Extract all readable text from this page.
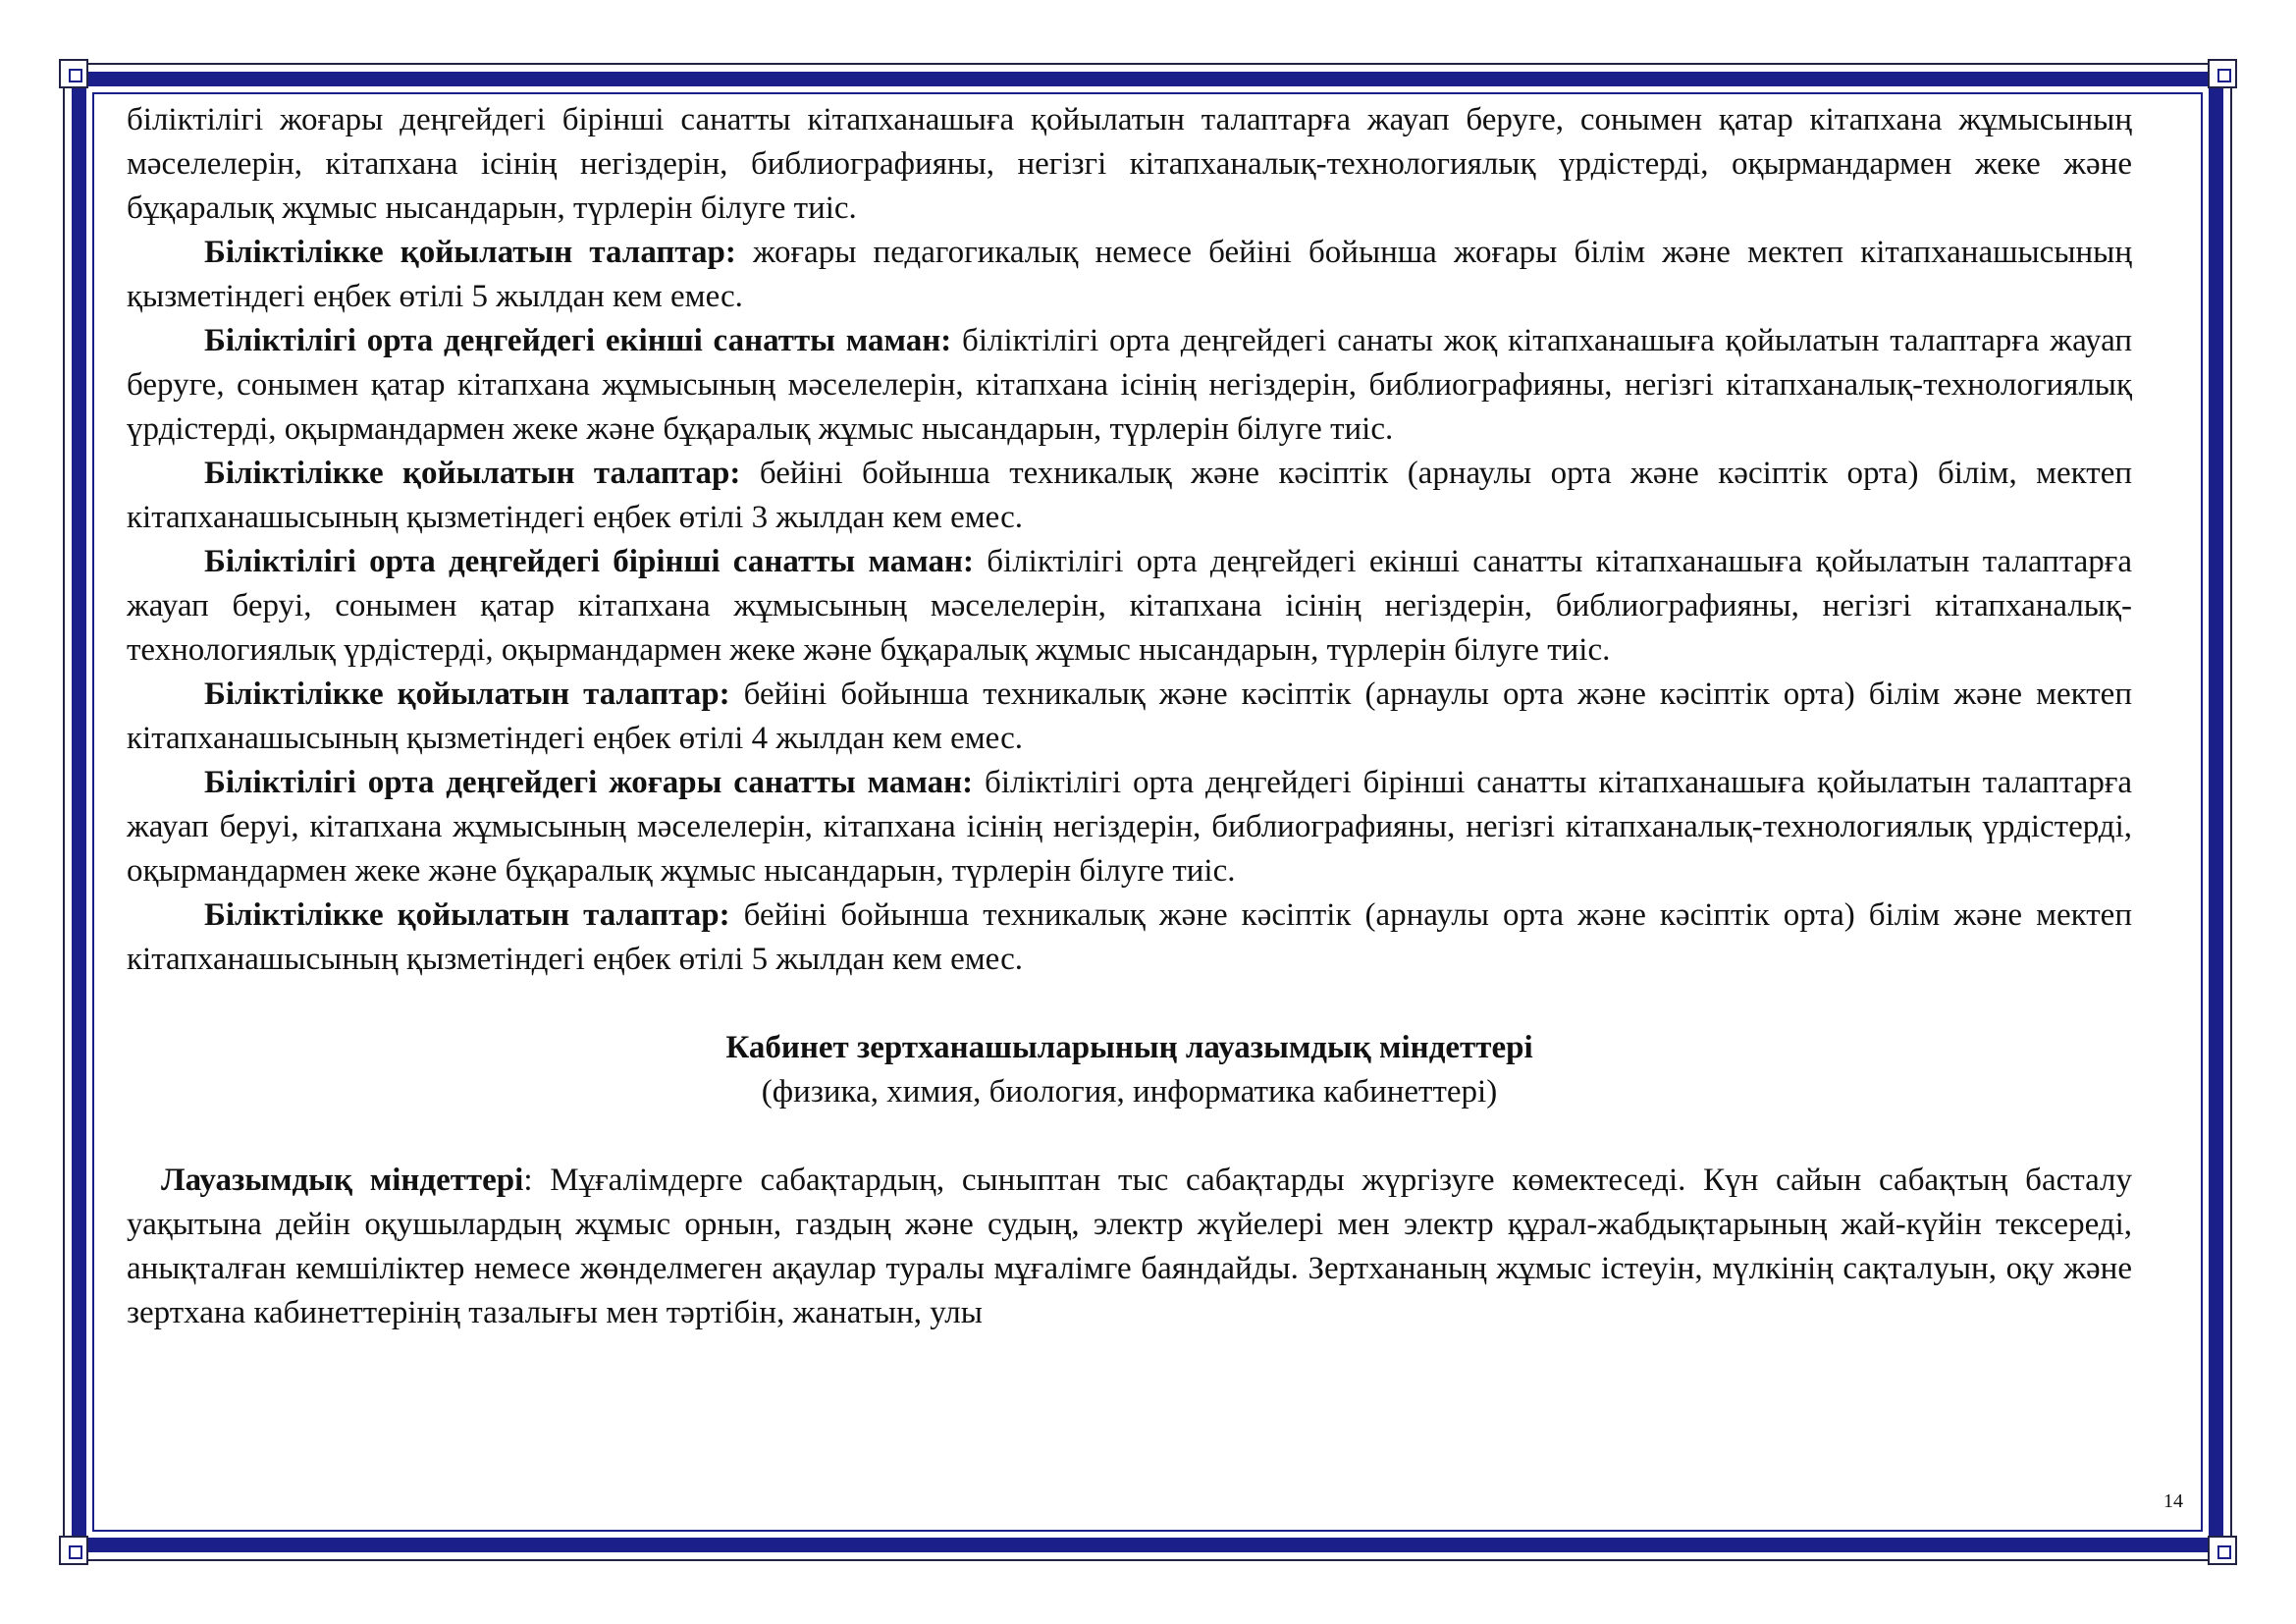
біліктілігі жоғары деңгейдегі бірінші санатты кітапханашыға қойылатын талаптарға жауап беруге, сонымен қатар кітапхана жұмысының мәселелерін, кітапхана ісінің негіздерін, библиографияны, негізгі кітапханалық-технологиялық үрдістерді, оқырмандармен жеке және бұқаралық жұмыс нысандарын, түрлерін білуге тиіс.

Біліктілікке қойылатын талаптар: жоғары педагогикалық немесе бейіні бойынша жоғары білім және мектеп кітапханашысының қызметіндегі еңбек өтілі 5 жылдан кем емес.

Біліктілігі орта деңгейдегі екінші санатты маман: біліктілігі орта деңгейдегі санаты жоқ кітапханашыға қойылатын талаптарға жауап беруге, сонымен қатар кітапхана жұмысының мәселелерін, кітапхана ісінің негіздерін, библиографияны, негізгі кітапханалық-технологиялық үрдістерді, оқырмандармен жеке және бұқаралық жұмыс нысандарын, түрлерін білуге тиіс.

Біліктілікке қойылатын талаптар: бейіні бойынша техникалық және кәсіптік (арнаулы орта және кәсіптік орта) білім, мектеп кітапханашысының қызметіндегі еңбек өтілі 3 жылдан кем емес.

Біліктілігі орта деңгейдегі бірінші санатты маман: біліктілігі орта деңгейдегі екінші санатты кітапханашыға қойылатын талаптарға жауап беруі, сонымен қатар кітапхана жұмысының мәселелерін, кітапхана ісінің негіздерін, библиографияны, негізгі кітапханалық-технологиялық үрдістерді, оқырмандармен жеке және бұқаралық жұмыс нысандарын, түрлерін білуге тиіс.

Біліктілікке қойылатын талаптар: бейіні бойынша техникалық және кәсіптік (арнаулы орта және кәсіптік орта) білім және мектеп кітапханашысының қызметіндегі еңбек өтілі 4 жылдан кем емес.

Біліктілігі орта деңгейдегі жоғары санатты маман: біліктілігі орта деңгейдегі бірінші санатты кітапханашыға қойылатын талаптарға жауап беруі, кітапхана жұмысының мәселелерін, кітапхана ісінің негіздерін, библиографияны, негізгі кітапханалық-технологиялық үрдістерді, оқырмандармен жеке және бұқаралық жұмыс нысандарын, түрлерін білуге тиіс.

Біліктілікке қойылатын талаптар: бейіні бойынша техникалық және кәсіптік (арнаулы орта және кәсіптік орта) білім және мектеп кітапханашысының қызметіндегі еңбек өтілі 5 жылдан кем емес.

Кабинет зертханашыларының лауазымдық міндеттері

(физика, химия, биология, информатика кабинеттері)

Лауазымдық міндеттері: Мұғалімдерге сабақтардың, сыныптан тыс сабақтарды жүргізуге көмектеседі. Күн сайын сабақтың басталу уақытына дейін оқушылардың жұмыс орнын, газдың және судың, электр жүйелері мен электр құрал-жабдықтарының жай-күйін тексереді, анықталған кемшіліктер немесе жөнделмеген ақаулар туралы мұғалімге баяндайды. Зертхананың жұмыс істеуін, мүлкінің сақталуын, оқу және зертхана кабинеттерінің тазалығы мен тәртібін, жанатын, улы

14
